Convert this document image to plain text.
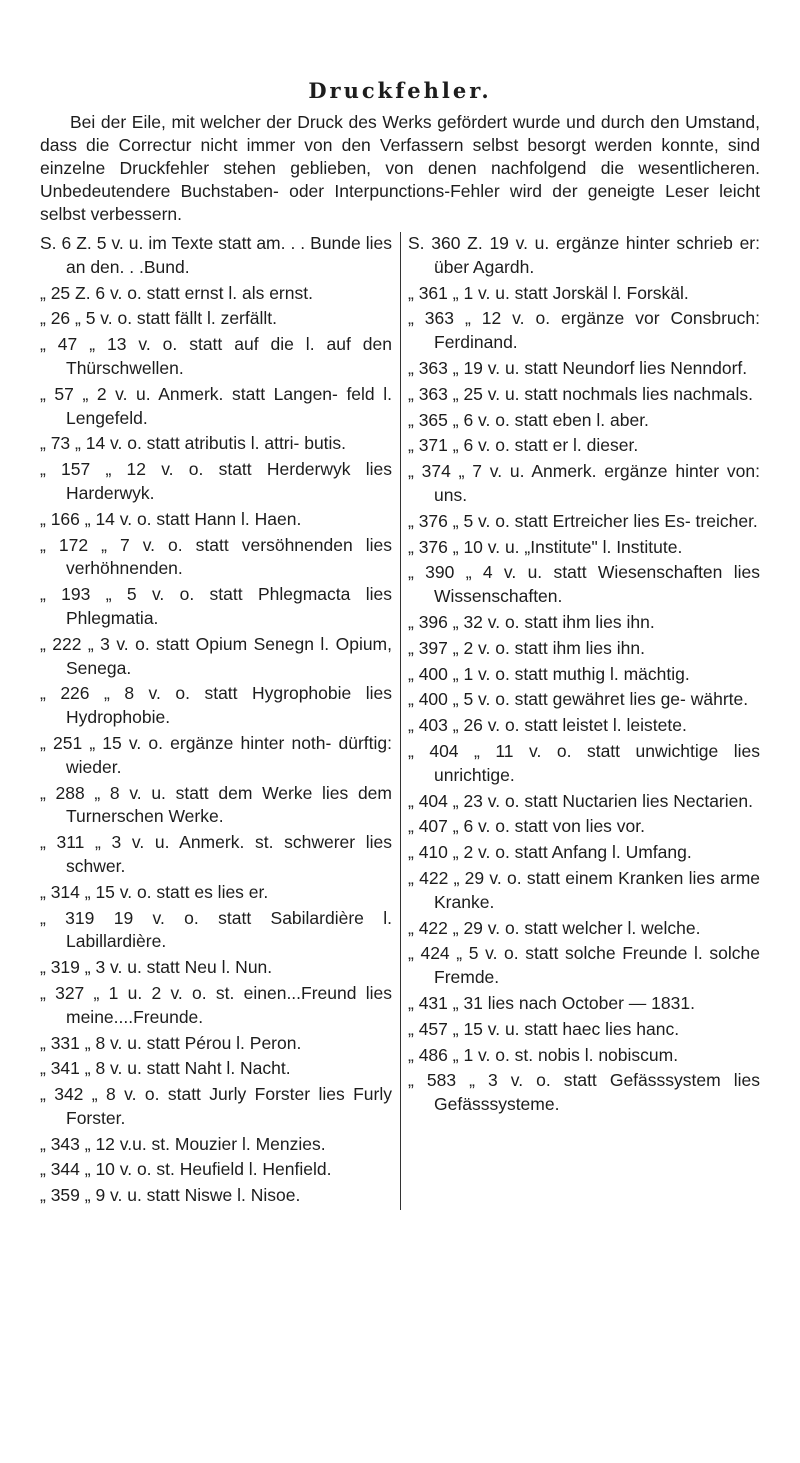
Druckfehler.

Bei der Eile, mit welcher der Druck des Werks gefördert wurde und durch den Umstand, dass die Correctur nicht immer von den Verfassern selbst besorgt werden konnte, sind einzelne Druckfehler stehen geblieben, von denen nachfolgend die wesentlicheren. Unbedeutendere Buchstaben- oder Interpunctions-Fehler wird der geneigte Leser leicht selbst verbessern.

S. 6 Z. 5 v. u. im Texte statt am. . . Bunde lies an den. . .Bund.

„ 25 Z. 6 v. o. statt ernst l. als ernst.

„ 26 „ 5 v. o. statt fällt l. zerfällt.

„ 47 „ 13 v. o. statt auf die l. auf den Thürschwellen.

„ 57 „ 2 v. u. Anmerk. statt Langen- feld l. Lengefeld.

„ 73 „ 14 v. o. statt atributis l. attri- butis.

„ 157 „ 12 v. o. statt Herderwyk lies Harderwyk.

„ 166 „ 14 v. o. statt Hann l. Haen.

„ 172 „ 7 v. o. statt versöhnenden lies verhöhnenden.

„ 193 „ 5 v. o. statt Phlegmacta lies Phlegmatia.

„ 222 „ 3 v. o. statt Opium Senegn l. Opium, Senega.

„ 226 „ 8 v. o. statt Hygrophobie lies Hydrophobie.

„ 251 „ 15 v. o. ergänze hinter noth- dürftig: wieder.

„ 288 „ 8 v. u. statt dem Werke lies dem Turnerschen Werke.

„ 311 „ 3 v. u. Anmerk. st. schwerer lies schwer.

„ 314 „ 15 v. o. statt es lies er.

„ 319 19 v. o. statt Sabilardière l. Labillardière.

„ 319 „ 3 v. u. statt Neu l. Nun.

„ 327 „ 1 u. 2 v. o. st. einen...Freund lies meine....Freunde.

„ 331 „ 8 v. u. statt Pérou l. Peron.

„ 341 „ 8 v. u. statt Naht l. Nacht.

„ 342 „ 8 v. o. statt Jurly Forster lies Furly Forster.

„ 343 „ 12 v.u. st. Mouzier l. Menzies.

„ 344 „ 10 v. o. st. Heufield l. Henfield.

„ 359 „ 9 v. u. statt Niswe l. Nisoe.

S. 360 Z. 19 v. u. ergänze hinter schrieb er: über Agardh.

„ 361 „ 1 v. u. statt Jorskäl l. Forskäl.

„ 363 „ 12 v. o. ergänze vor Consbruch: Ferdinand.

„ 363 „ 19 v. u. statt Neundorf lies Nenndorf.

„ 363 „ 25 v. u. statt nochmals lies nachmals.

„ 365 „ 6 v. o. statt eben l. aber.

„ 371 „ 6 v. o. statt er l. dieser.

„ 374 „ 7 v. u. Anmerk. ergänze hinter von: uns.

„ 376 „ 5 v. o. statt Ertreicher lies Es- treicher.

„ 376 „ 10 v. u. „Institute" l. Institute.

„ 390 „ 4 v. u. statt Wiesenschaften lies Wissenschaften.

„ 396 „ 32 v. o. statt ihm lies ihn.

„ 397 „ 2 v. o. statt ihm lies ihn.

„ 400 „ 1 v. o. statt muthig l. mächtig.

„ 400 „ 5 v. o. statt gewähret lies ge- währte.

„ 403 „ 26 v. o. statt leistet l. leistete.

„ 404 „ 11 v. o. statt unwichtige lies unrichtige.

„ 404 „ 23 v. o. statt Nuctarien lies Nectarien.

„ 407 „ 6 v. o. statt von lies vor.

„ 410 „ 2 v. o. statt Anfang l. Umfang.

„ 422 „ 29 v. o. statt einem Kranken lies arme Kranke.

„ 422 „ 29 v. o. statt welcher l. welche.

„ 424 „ 5 v. o. statt solche Freunde l. solche Fremde.

„ 431 „ 31 lies nach October — 1831.

„ 457 „ 15 v. u. statt haec lies hanc.

„ 486 „ 1 v. o. st. nobis l. nobiscum.

„ 583 „ 3 v. o. statt Gefässsystem lies Gefässsysteme.
